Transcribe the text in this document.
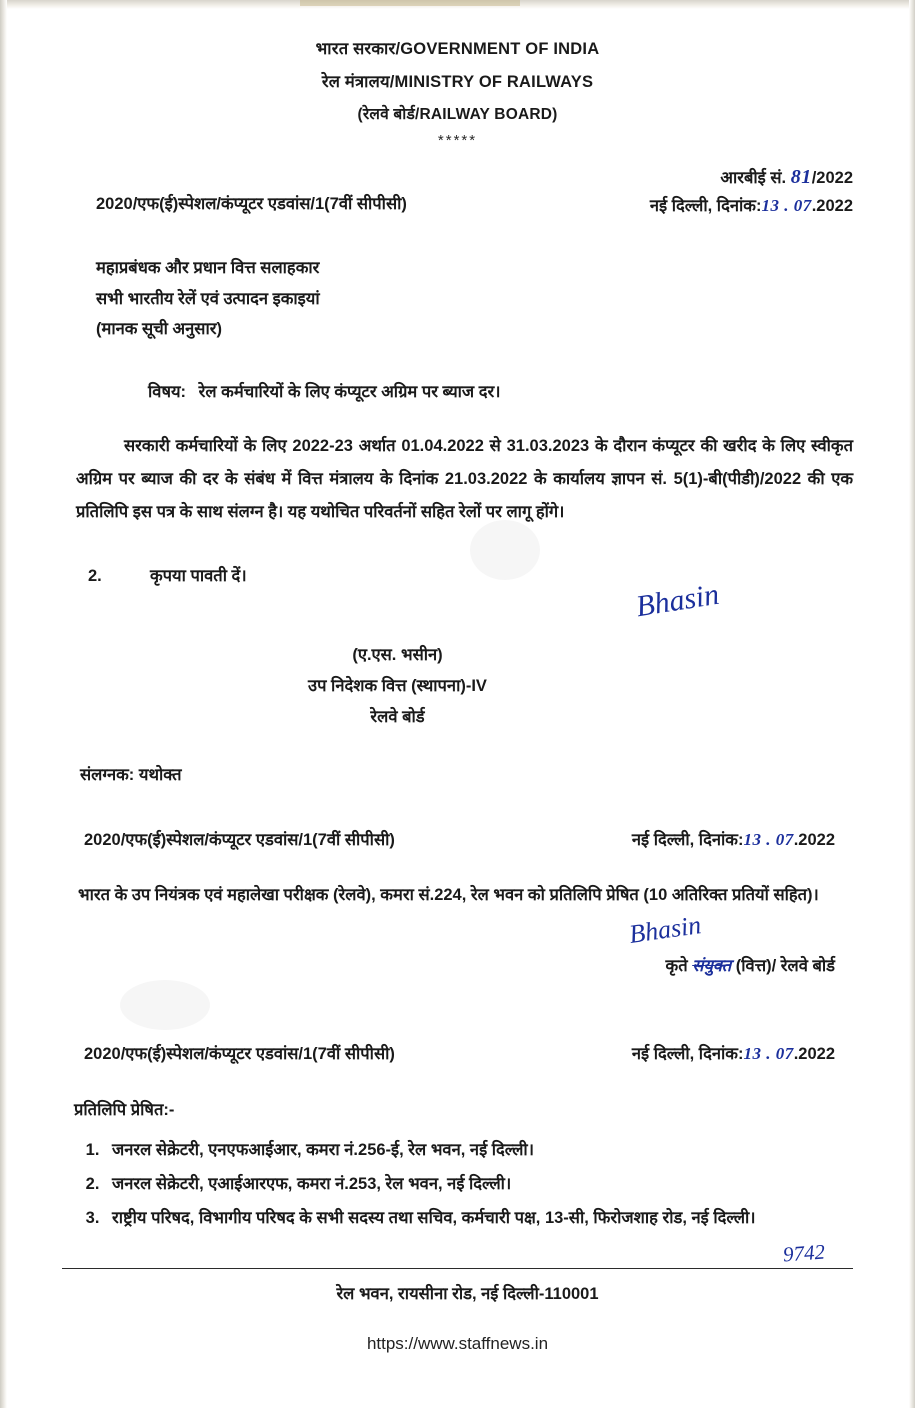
भारत सरकार/GOVERNMENT OF INDIA
रेल मंत्रालय/MINISTRY OF RAILWAYS
(रेलवे बोर्ड/RAILWAY BOARD)
*****
आरबीई सं. 81/2022
नई दिल्ली, दिनांक:13 . 07.2022
2020/एफ(ई)स्पेशल/कंप्यूटर एडवांस/1(7वीं सीपीसी)
महाप्रबंधक और प्रधान वित्त सलाहकार
सभी भारतीय रेलें एवं उत्पादन इकाइयां
(मानक सूची अनुसार)
विषय: रेल कर्मचारियों के लिए कंप्यूटर अग्रिम पर ब्याज दर।
सरकारी कर्मचारियों के लिए 2022-23 अर्थात 01.04.2022 से 31.03.2023 के दौरान कंप्यूटर की खरीद के लिए स्वीकृत अग्रिम पर ब्याज की दर के संबंध में वित्त मंत्रालय के दिनांक 21.03.2022 के कार्यालय ज्ञापन सं. 5(1)-बी(पीडी)/2022 की एक प्रतिलिपि इस पत्र के साथ संलग्न है। यह यथोचित परिवर्तनों सहित रेलों पर लागू होंगे।
2.	कृपया पावती दें।
Bhasin
(ए.एस. भसीन)
उप निदेशक वित्त (स्थापना)-IV
रेलवे बोर्ड
संलग्नक: यथोक्त
2020/एफ(ई)स्पेशल/कंप्यूटर एडवांस/1(7वीं सीपीसी)	नई दिल्ली, दिनांक:13 . 07.2022
भारत के उप नियंत्रक एवं महालेखा परीक्षक (रेलवे), कमरा सं.224, रेल भवन को प्रतिलिपि प्रेषित (10 अतिरिक्त प्रतियों सहित)।
Bhasin
कृते संयुक्त (वित्त)/ रेलवे बोर्ड
2020/एफ(ई)स्पेशल/कंप्यूटर एडवांस/1(7वीं सीपीसी)	नई दिल्ली, दिनांक:13 . 07.2022
प्रतिलिपि प्रेषित:-
1. जनरल सेक्रेटरी, एनएफआईआर, कमरा नं.256-ई, रेल भवन, नई दिल्ली।
2. जनरल सेक्रेटरी, एआईआरएफ, कमरा नं.253, रेल भवन, नई दिल्ली।
3. राष्ट्रीय परिषद, विभागीय परिषद के सभी सदस्य तथा सचिव, कर्मचारी पक्ष, 13-सी, फिरोजशाह रोड, नई दिल्ली।
9742
रेल भवन, रायसीना रोड, नई दिल्ली-110001
https://www.staffnews.in
